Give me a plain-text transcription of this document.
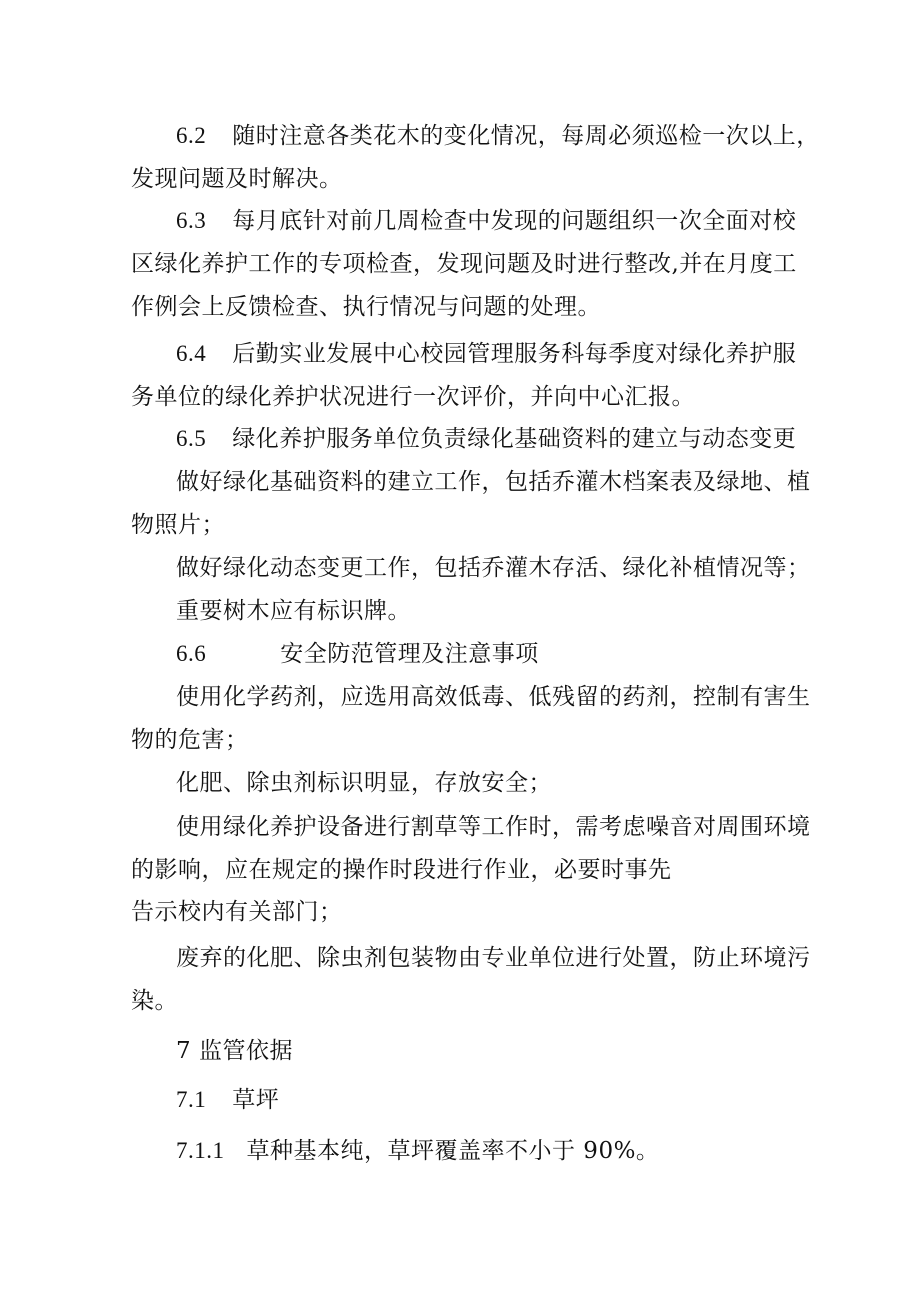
6.2 随时注意各类花木的变化情况，每周必须巡检一次以上，
发现问题及时解决。
6.3 每月底针对前几周检查中发现的问题组织一次全面对校
区绿化养护工作的专项检查，发现问题及时进行整改,并在月度工
作例会上反馈检查、执行情况与问题的处理。
6.4 后勤实业发展中心校园管理服务科每季度对绿化养护服
务单位的绿化养护状况进行一次评价，并向中心汇报。
6.5 绿化养护服务单位负责绿化基础资料的建立与动态变更
做好绿化基础资料的建立工作，包括乔灌木档案表及绿地、植
物照片；
做好绿化动态变更工作，包括乔灌木存活、绿化补植情况等；
重要树木应有标识牌。
6.6	安全防范管理及注意事项
使用化学药剂，应选用高效低毒、低残留的药剂，控制有害生
物的危害；
化肥、除虫剂标识明显，存放安全；
使用绿化养护设备进行割草等工作时，需考虑噪音对周围环境
的影响，应在规定的操作时段进行作业，必要时事先
告示校内有关部门；
废弃的化肥、除虫剂包装物由专业单位进行处置，防止环境污
染。
7 监管依据
7.1 草坪
7.1.1 草种基本纯，草坪覆盖率不小于 90%。
